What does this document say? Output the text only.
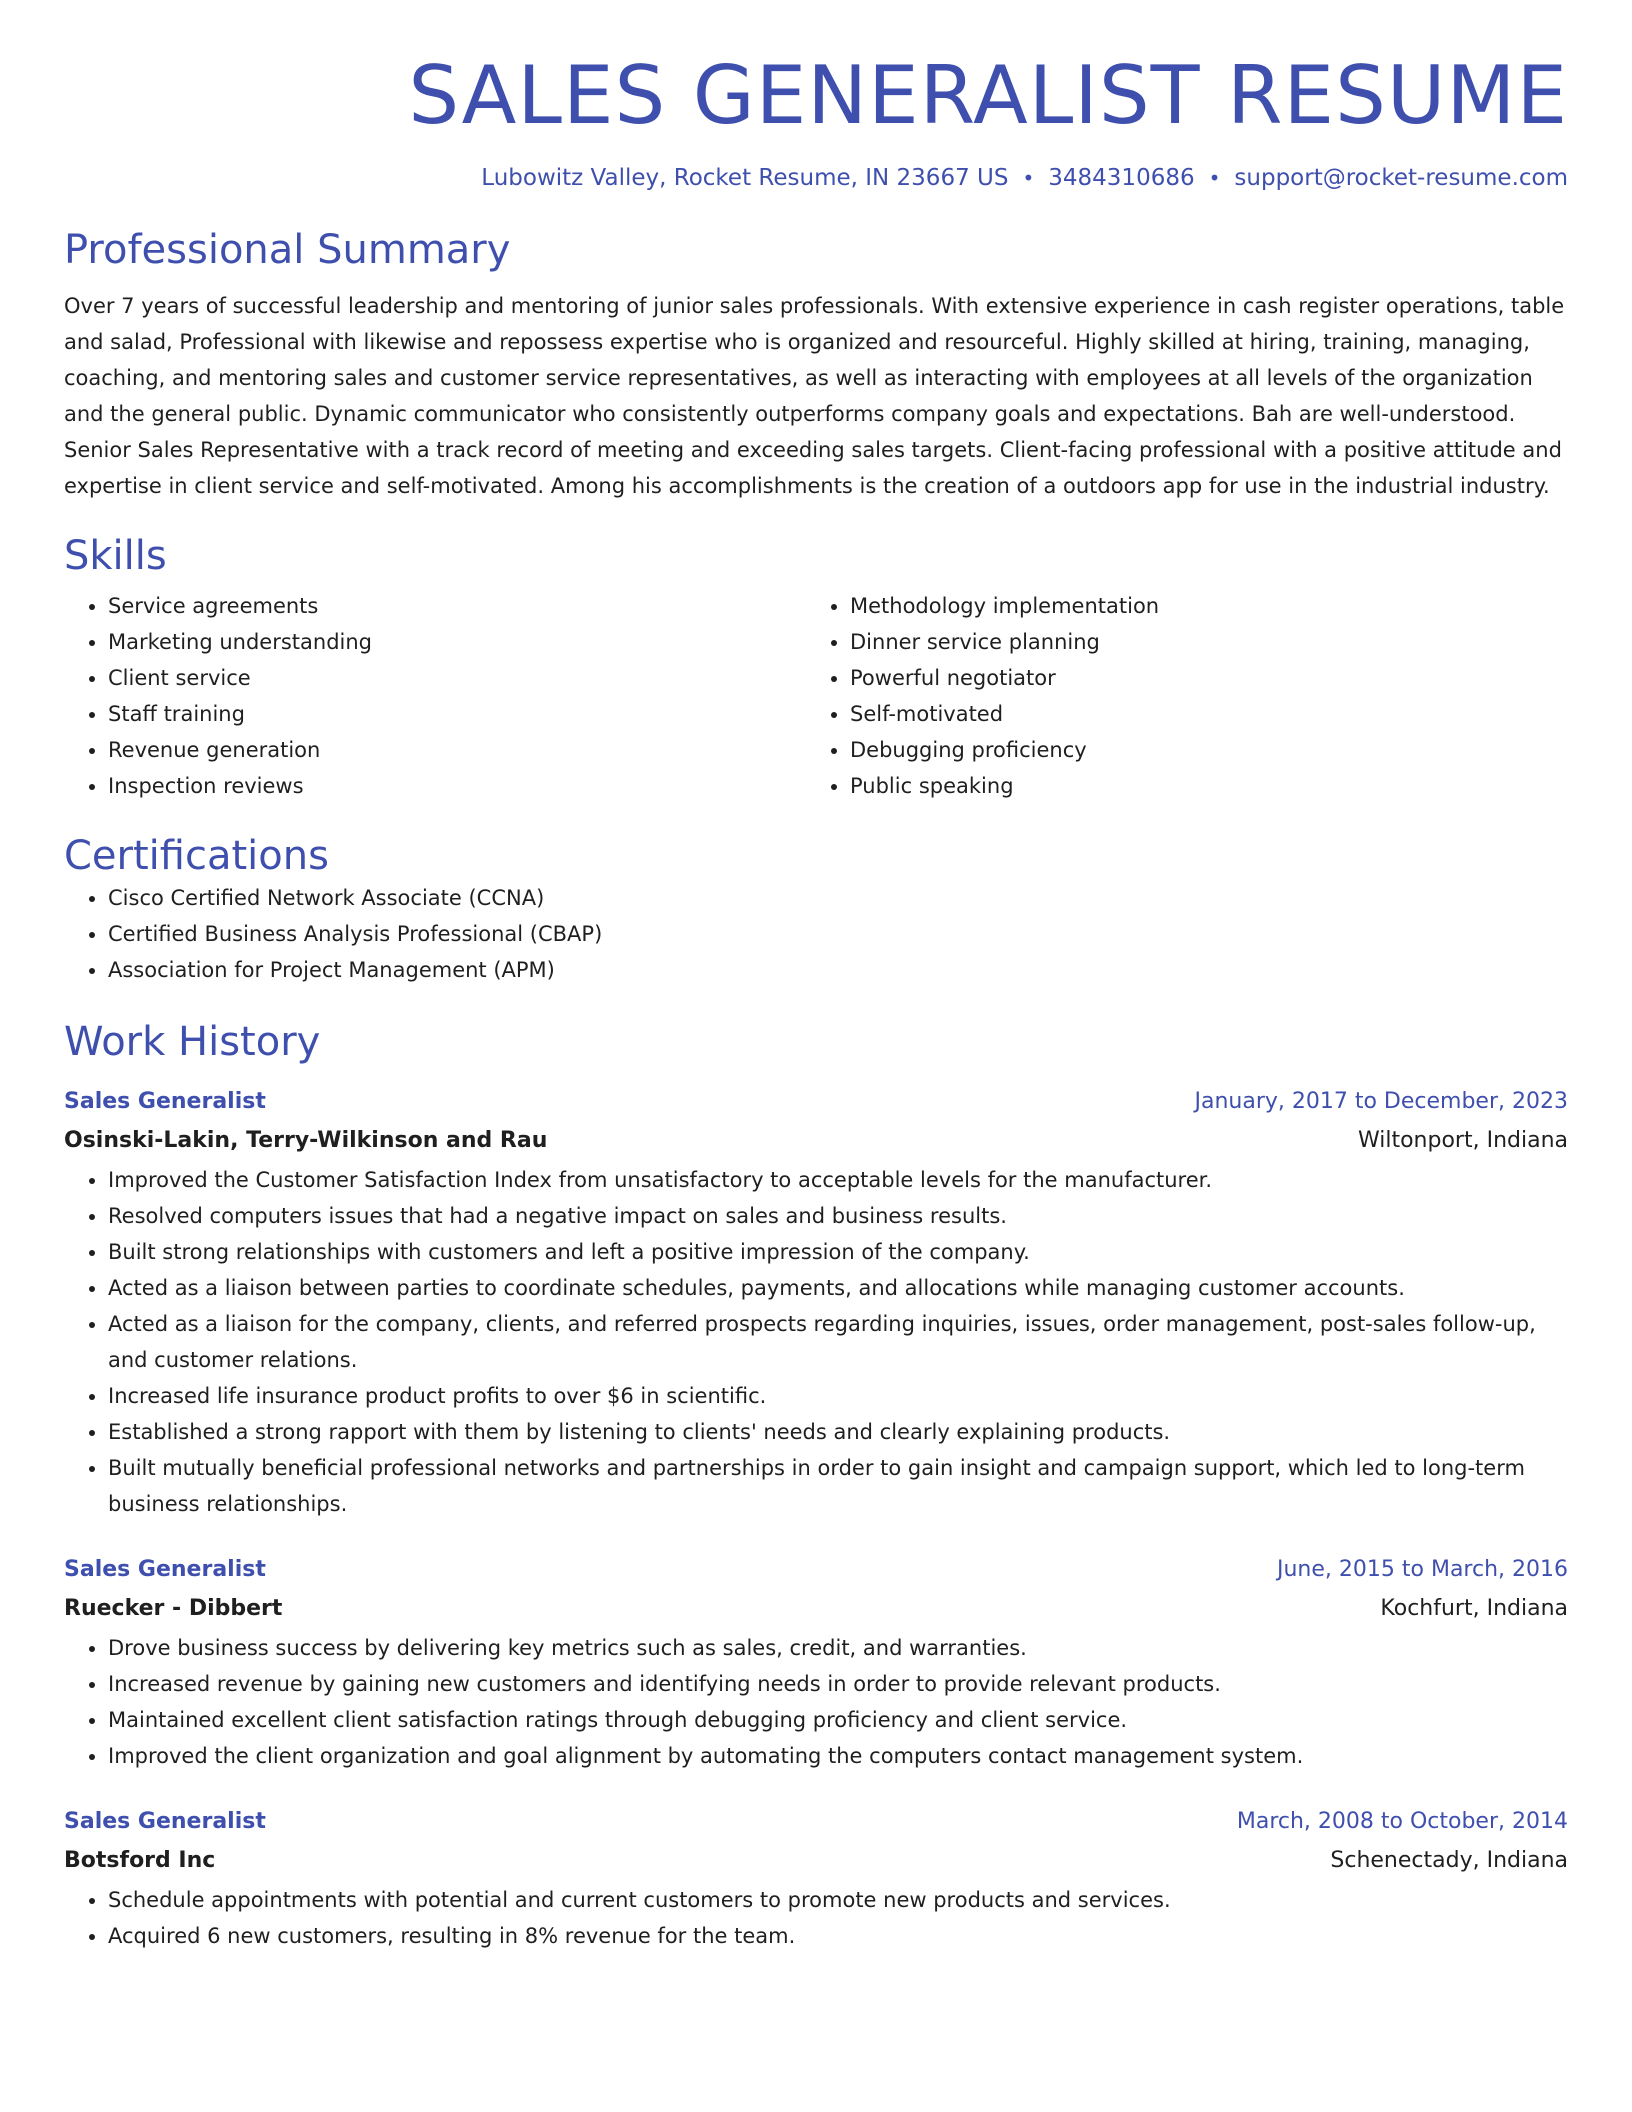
SALES GENERALIST RESUME
Lubowitz Valley, Rocket Resume, IN 23667 US • 3484310686 • support@rocket-resume.com
Professional Summary
Over 7 years of successful leadership and mentoring of junior sales professionals. With extensive experience in cash register operations, table and salad, Professional with likewise and repossess expertise who is organized and resourceful. Highly skilled at hiring, training, managing, coaching, and mentoring sales and customer service representatives, as well as interacting with employees at all levels of the organization and the general public. Dynamic communicator who consistently outperforms company goals and expectations. Bah are well-understood. Senior Sales Representative with a track record of meeting and exceeding sales targets. Client-facing professional with a positive attitude and expertise in client service and self-motivated. Among his accomplishments is the creation of a outdoors app for use in the industrial industry.
Skills
• Service agreements
• Marketing understanding
• Client service
• Staff training
• Revenue generation
• Inspection reviews
• Methodology implementation
• Dinner service planning
• Powerful negotiator
• Self-motivated
• Debugging proficiency
• Public speaking
Certifications
• Cisco Certified Network Associate (CCNA)
• Certified Business Analysis Professional (CBAP)
• Association for Project Management (APM)
Work History
Sales Generalist	January, 2017 to December, 2023
Osinski-Lakin, Terry-Wilkinson and Rau	Wiltonport, Indiana
• Improved the Customer Satisfaction Index from unsatisfactory to acceptable levels for the manufacturer.
• Resolved computers issues that had a negative impact on sales and business results.
• Built strong relationships with customers and left a positive impression of the company.
• Acted as a liaison between parties to coordinate schedules, payments, and allocations while managing customer accounts.
• Acted as a liaison for the company, clients, and referred prospects regarding inquiries, issues, order management, post-sales follow-up, and customer relations.
• Increased life insurance product profits to over $6 in scientific.
• Established a strong rapport with them by listening to clients' needs and clearly explaining products.
• Built mutually beneficial professional networks and partnerships in order to gain insight and campaign support, which led to long-term business relationships.
Sales Generalist	June, 2015 to March, 2016
Ruecker - Dibbert	Kochfurt, Indiana
• Drove business success by delivering key metrics such as sales, credit, and warranties.
• Increased revenue by gaining new customers and identifying needs in order to provide relevant products.
• Maintained excellent client satisfaction ratings through debugging proficiency and client service.
• Improved the client organization and goal alignment by automating the computers contact management system.
Sales Generalist	March, 2008 to October, 2014
Botsford Inc	Schenectady, Indiana
• Schedule appointments with potential and current customers to promote new products and services.
• Acquired 6 new customers, resulting in 8% revenue for the team.
